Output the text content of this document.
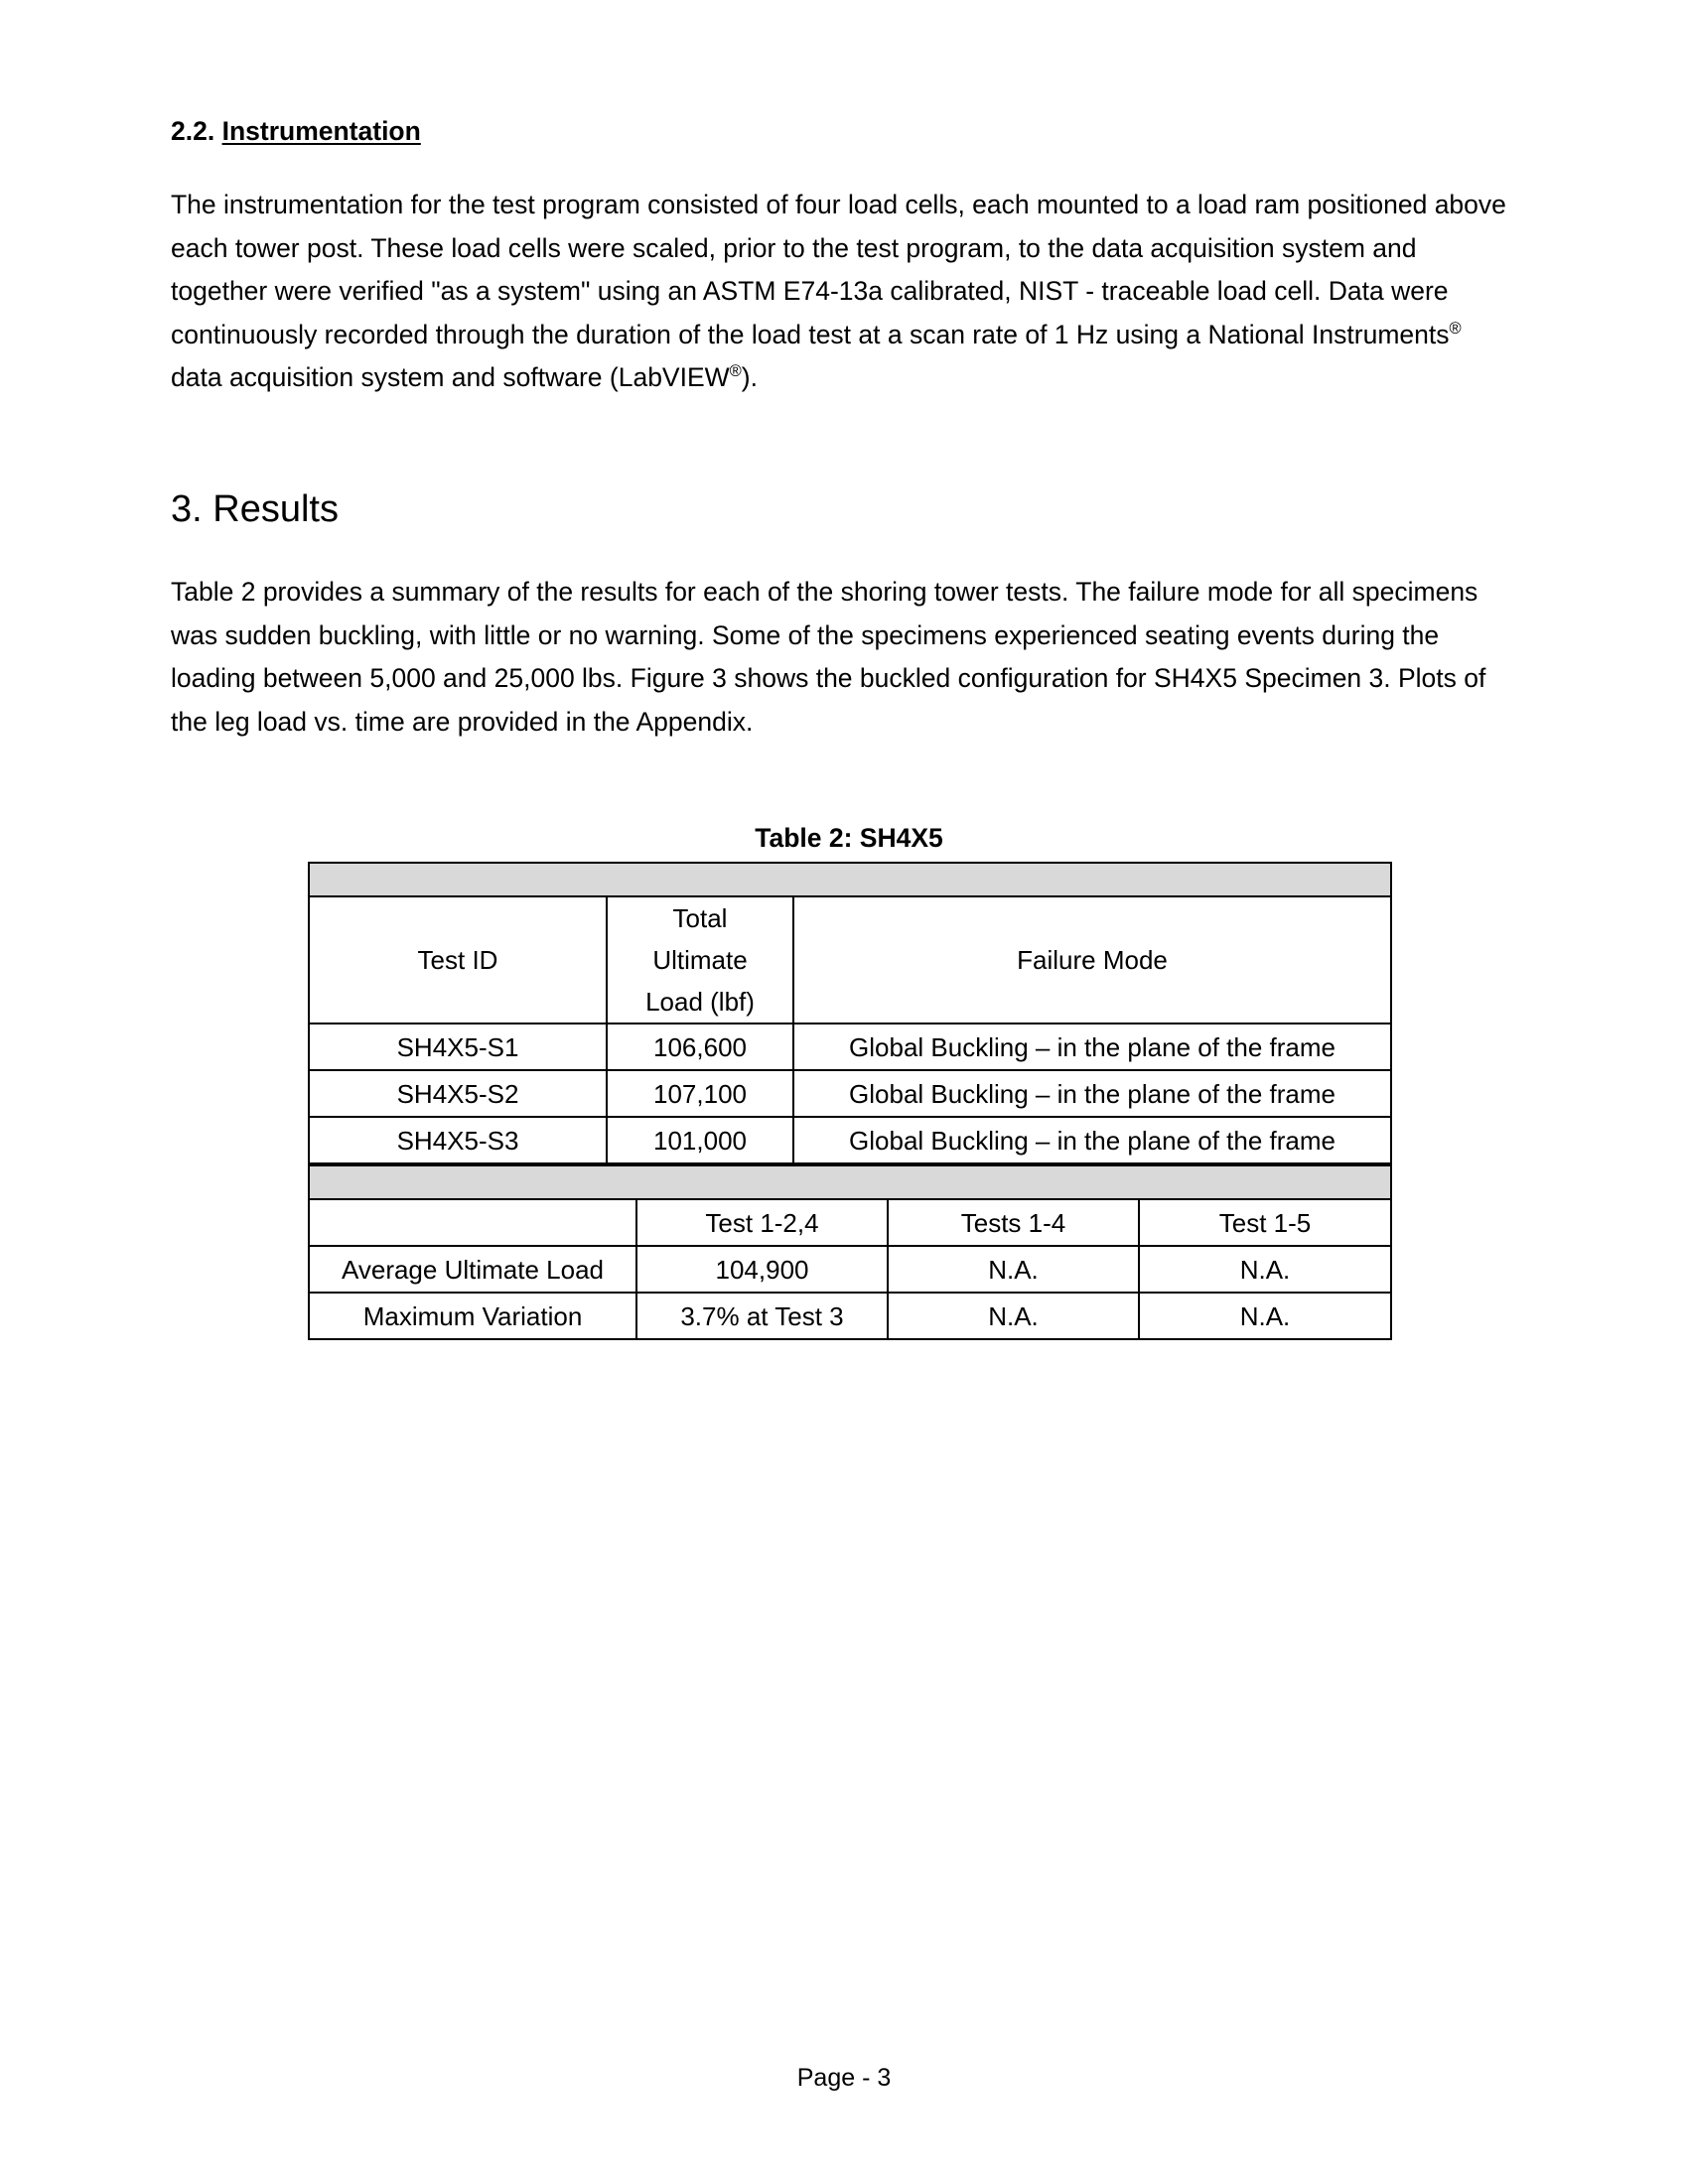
2.2. Instrumentation

The instrumentation for the test program consisted of four load cells, each mounted to a load ram positioned above each tower post. These load cells were scaled, prior to the test program, to the data acquisition system and together were verified "as a system" using an ASTM E74-13a calibrated, NIST - traceable load cell. Data were continuously recorded through the duration of the load test at a scan rate of 1 Hz using a National Instruments® data acquisition system and software (LabVIEW®).

3. Results

Table 2 provides a summary of the results for each of the shoring tower tests. The failure mode for all specimens was sudden buckling, with little or no warning. Some of the specimens experienced seating events during the loading between 5,000 and 25,000 lbs. Figure 3 shows the buckled configuration for SH4X5 Specimen 3. Plots of the leg load vs. time are provided in the Appendix.

Table 2: SH4X5

Test ID	Total
Ultimate
Load (lbf)	Failure Mode
SH4X5-S1	106,600	Global Buckling – in the plane of the frame
SH4X5-S2	107,100	Global Buckling – in the plane of the frame
SH4X5-S3	101,000	Global Buckling – in the plane of the frame

	Test 1-2,4	Tests 1-4	Test 1-5
Average Ultimate Load	104,900	N.A.	N.A.
Maximum Variation	3.7% at Test 3	N.A.	N.A.
Page - 3
